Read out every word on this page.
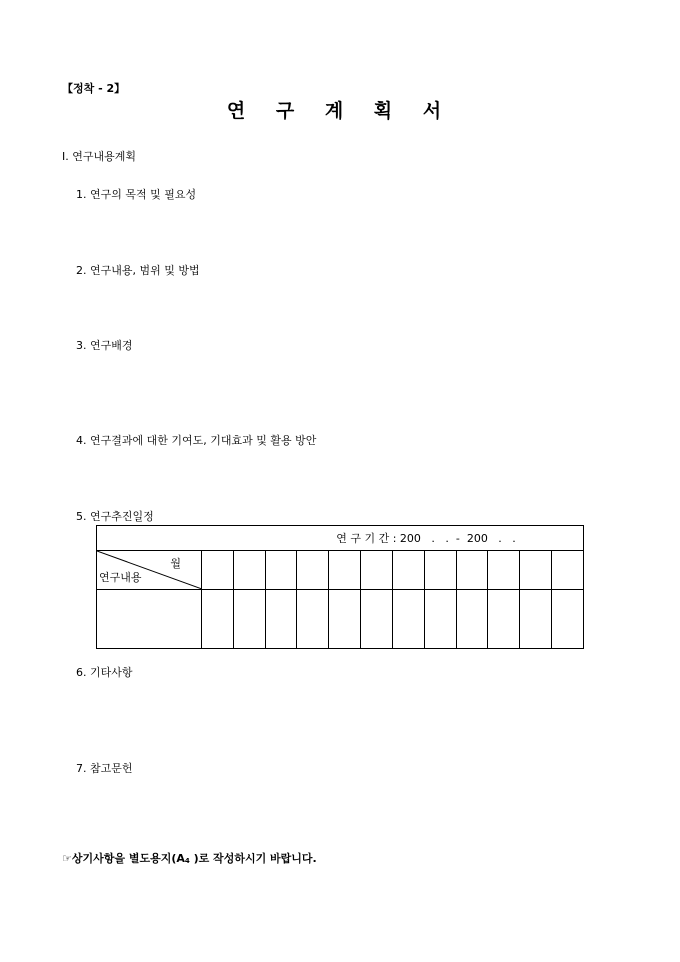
【정착 - 2】
연 구 계 획 서
Ⅰ. 연구내용계획
1. 연구의 목적 및 필요성
2. 연구내용, 범위 및 방법
3. 연구배경
4. 연구결과에 대한 기여도, 기대효과 및 활용 방안
5. 연구추진일정
연 구 기 간 : 200   .   .  -  200   .   .												

월
연구내용												

6. 기타사항
7. 참고문헌
☞상기사항을 별도용지(A4 )로 작성하시기 바랍니다.
